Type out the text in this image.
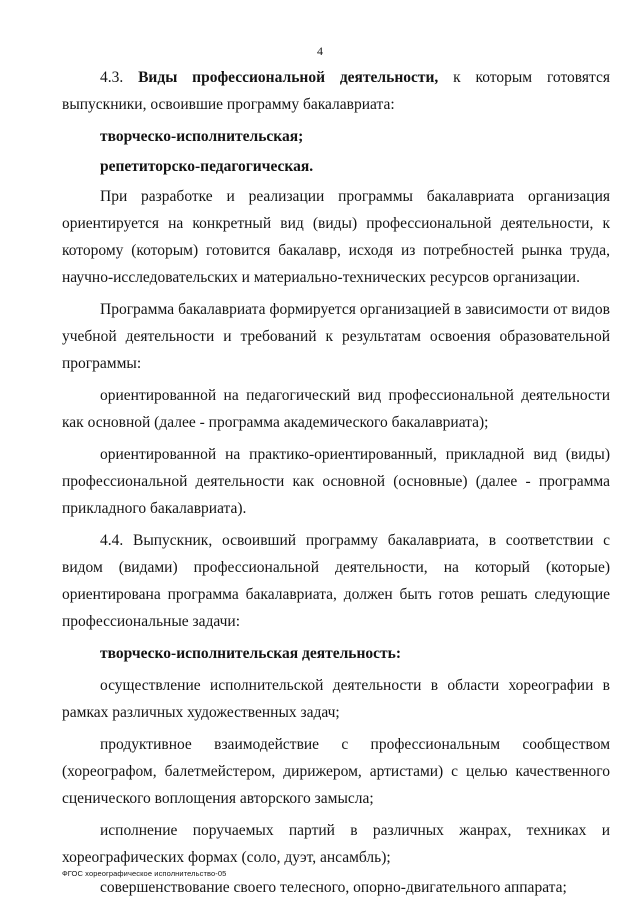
4

4.3. Виды профессиональной деятельности, к которым готовятся выпускники, освоившие программу бакалавриата:

творческо-исполнительская;

репетиторско-педагогическая.

При разработке и реализации программы бакалавриата организация ориентируется на конкретный вид (виды) профессиональной деятельности, к которому (которым) готовится бакалавр, исходя из потребностей рынка труда, научно-исследовательских и материально-технических ресурсов организации.

Программа бакалавриата формируется организацией в зависимости от видов учебной деятельности и требований к результатам освоения образовательной программы:

ориентированной на педагогический вид профессиональной деятельности как основной (далее - программа академического бакалавриата);

ориентированной на практико-ориентированный, прикладной вид (виды) профессиональной деятельности как основной (основные) (далее - программа прикладного бакалавриата).

4.4. Выпускник, освоивший программу бакалавриата, в соответствии с видом (видами) профессиональной деятельности, на который (которые) ориентирована программа бакалавриата, должен быть готов решать следующие профессиональные задачи:

творческо-исполнительская деятельность:

осуществление исполнительской деятельности в области хореографии в рамках различных художественных задач;

продуктивное взаимодействие с профессиональным сообществом (хореографом, балетмейстером, дирижером, артистами) с целью качественного сценического воплощения авторского замысла;

исполнение поручаемых партий в различных жанрах, техниках и хореографических формах (соло, дуэт, ансамбль);

совершенствование своего телесного, опорно-двигательного аппарата;

ФГОС хореографическое исполнительство-05
